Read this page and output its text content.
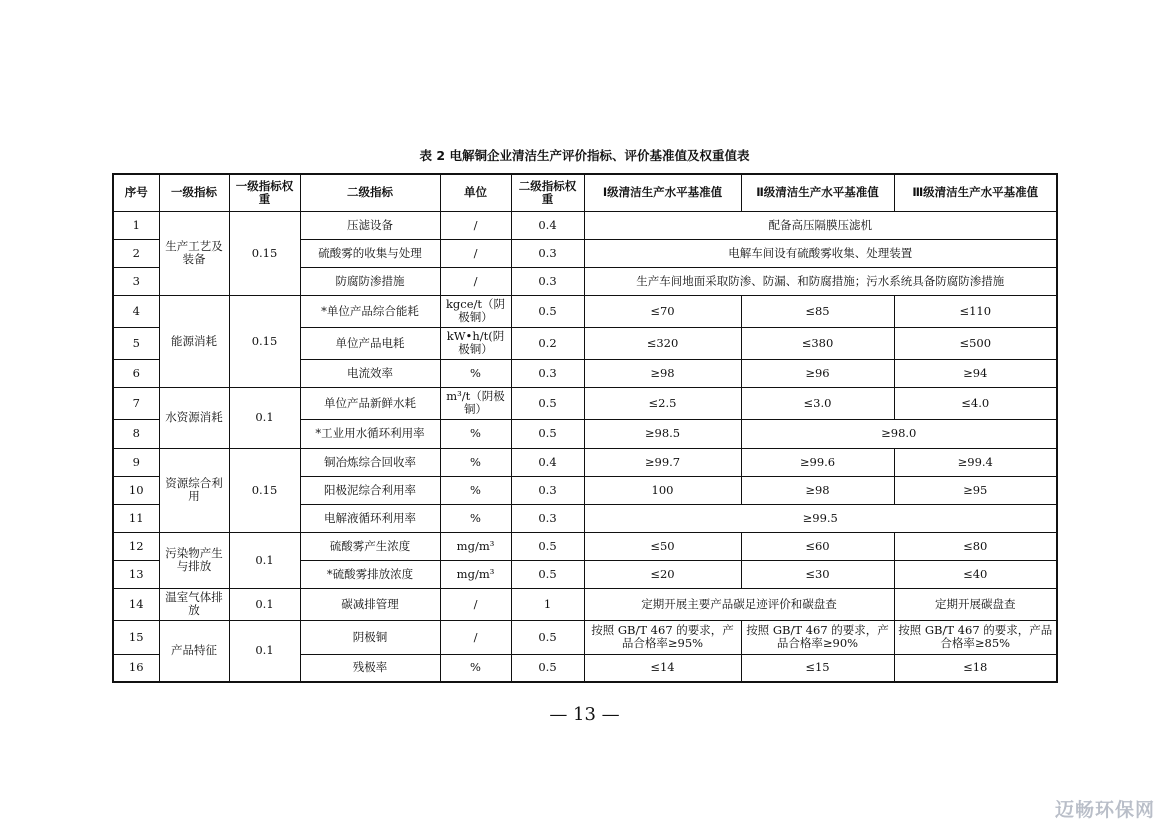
表 2 电解铜企业清洁生产评价指标、评价基准值及权重值表
序号	一级指标	一级指标权重	二级指标	单位	二级指标权重	Ⅰ级清洁生产水平基准值	Ⅱ级清洁生产水平基准值	Ⅲ级清洁生产水平基准值
1	生产工艺及装备	0.15	压滤设备	/	0.4	配备高压隔膜压滤机		
2			硫酸雾的收集与处理	/	0.3	电解车间设有硫酸雾收集、处理装置		
3			防腐防渗措施	/	0.3	生产车间地面采取防渗、防漏、和防腐措施；污水系统具备防腐防渗措施		
4	能源消耗	0.15	*单位产品综合能耗	kgce/t（阴极铜）	0.5	≤70	≤85	≤110
5			单位产品电耗	kW•h/t(阴极铜）	0.2	≤320	≤380	≤500
6			电流效率	%	0.3	≥98	≥96	≥94
7	水资源消耗	0.1	单位产品新鲜水耗	m³/t（阴极铜）	0.5	≤2.5	≤3.0	≤4.0
8			*工业用水循环利用率	%	0.5	≥98.5	≥98.0	
9	资源综合利用	0.15	铜冶炼综合回收率	%	0.4	≥99.7	≥99.6	≥99.4
10			阳极泥综合利用率	%	0.3	100	≥98	≥95
11			电解液循环利用率	%	0.3	≥99.5		
12	污染物产生与排放	0.1	硫酸雾产生浓度	mg/m³	0.5	≤50	≤60	≤80
13			*硫酸雾排放浓度	mg/m³	0.5	≤20	≤30	≤40
14	温室气体排放	0.1	碳减排管理	/	1	定期开展主要产品碳足迹评价和碳盘查		定期开展碳盘查
15	产品特征	0.1	阴极铜	/	0.5	按照 GB/T 467 的要求，产品合格率≥95%	按照 GB/T 467 的要求，产品合格率≥90%	按照 GB/T 467 的要求，产品合格率≥85%
16			残极率	%	0.5	≤14	≤15	≤18
— 13 —
迈畅环保网
